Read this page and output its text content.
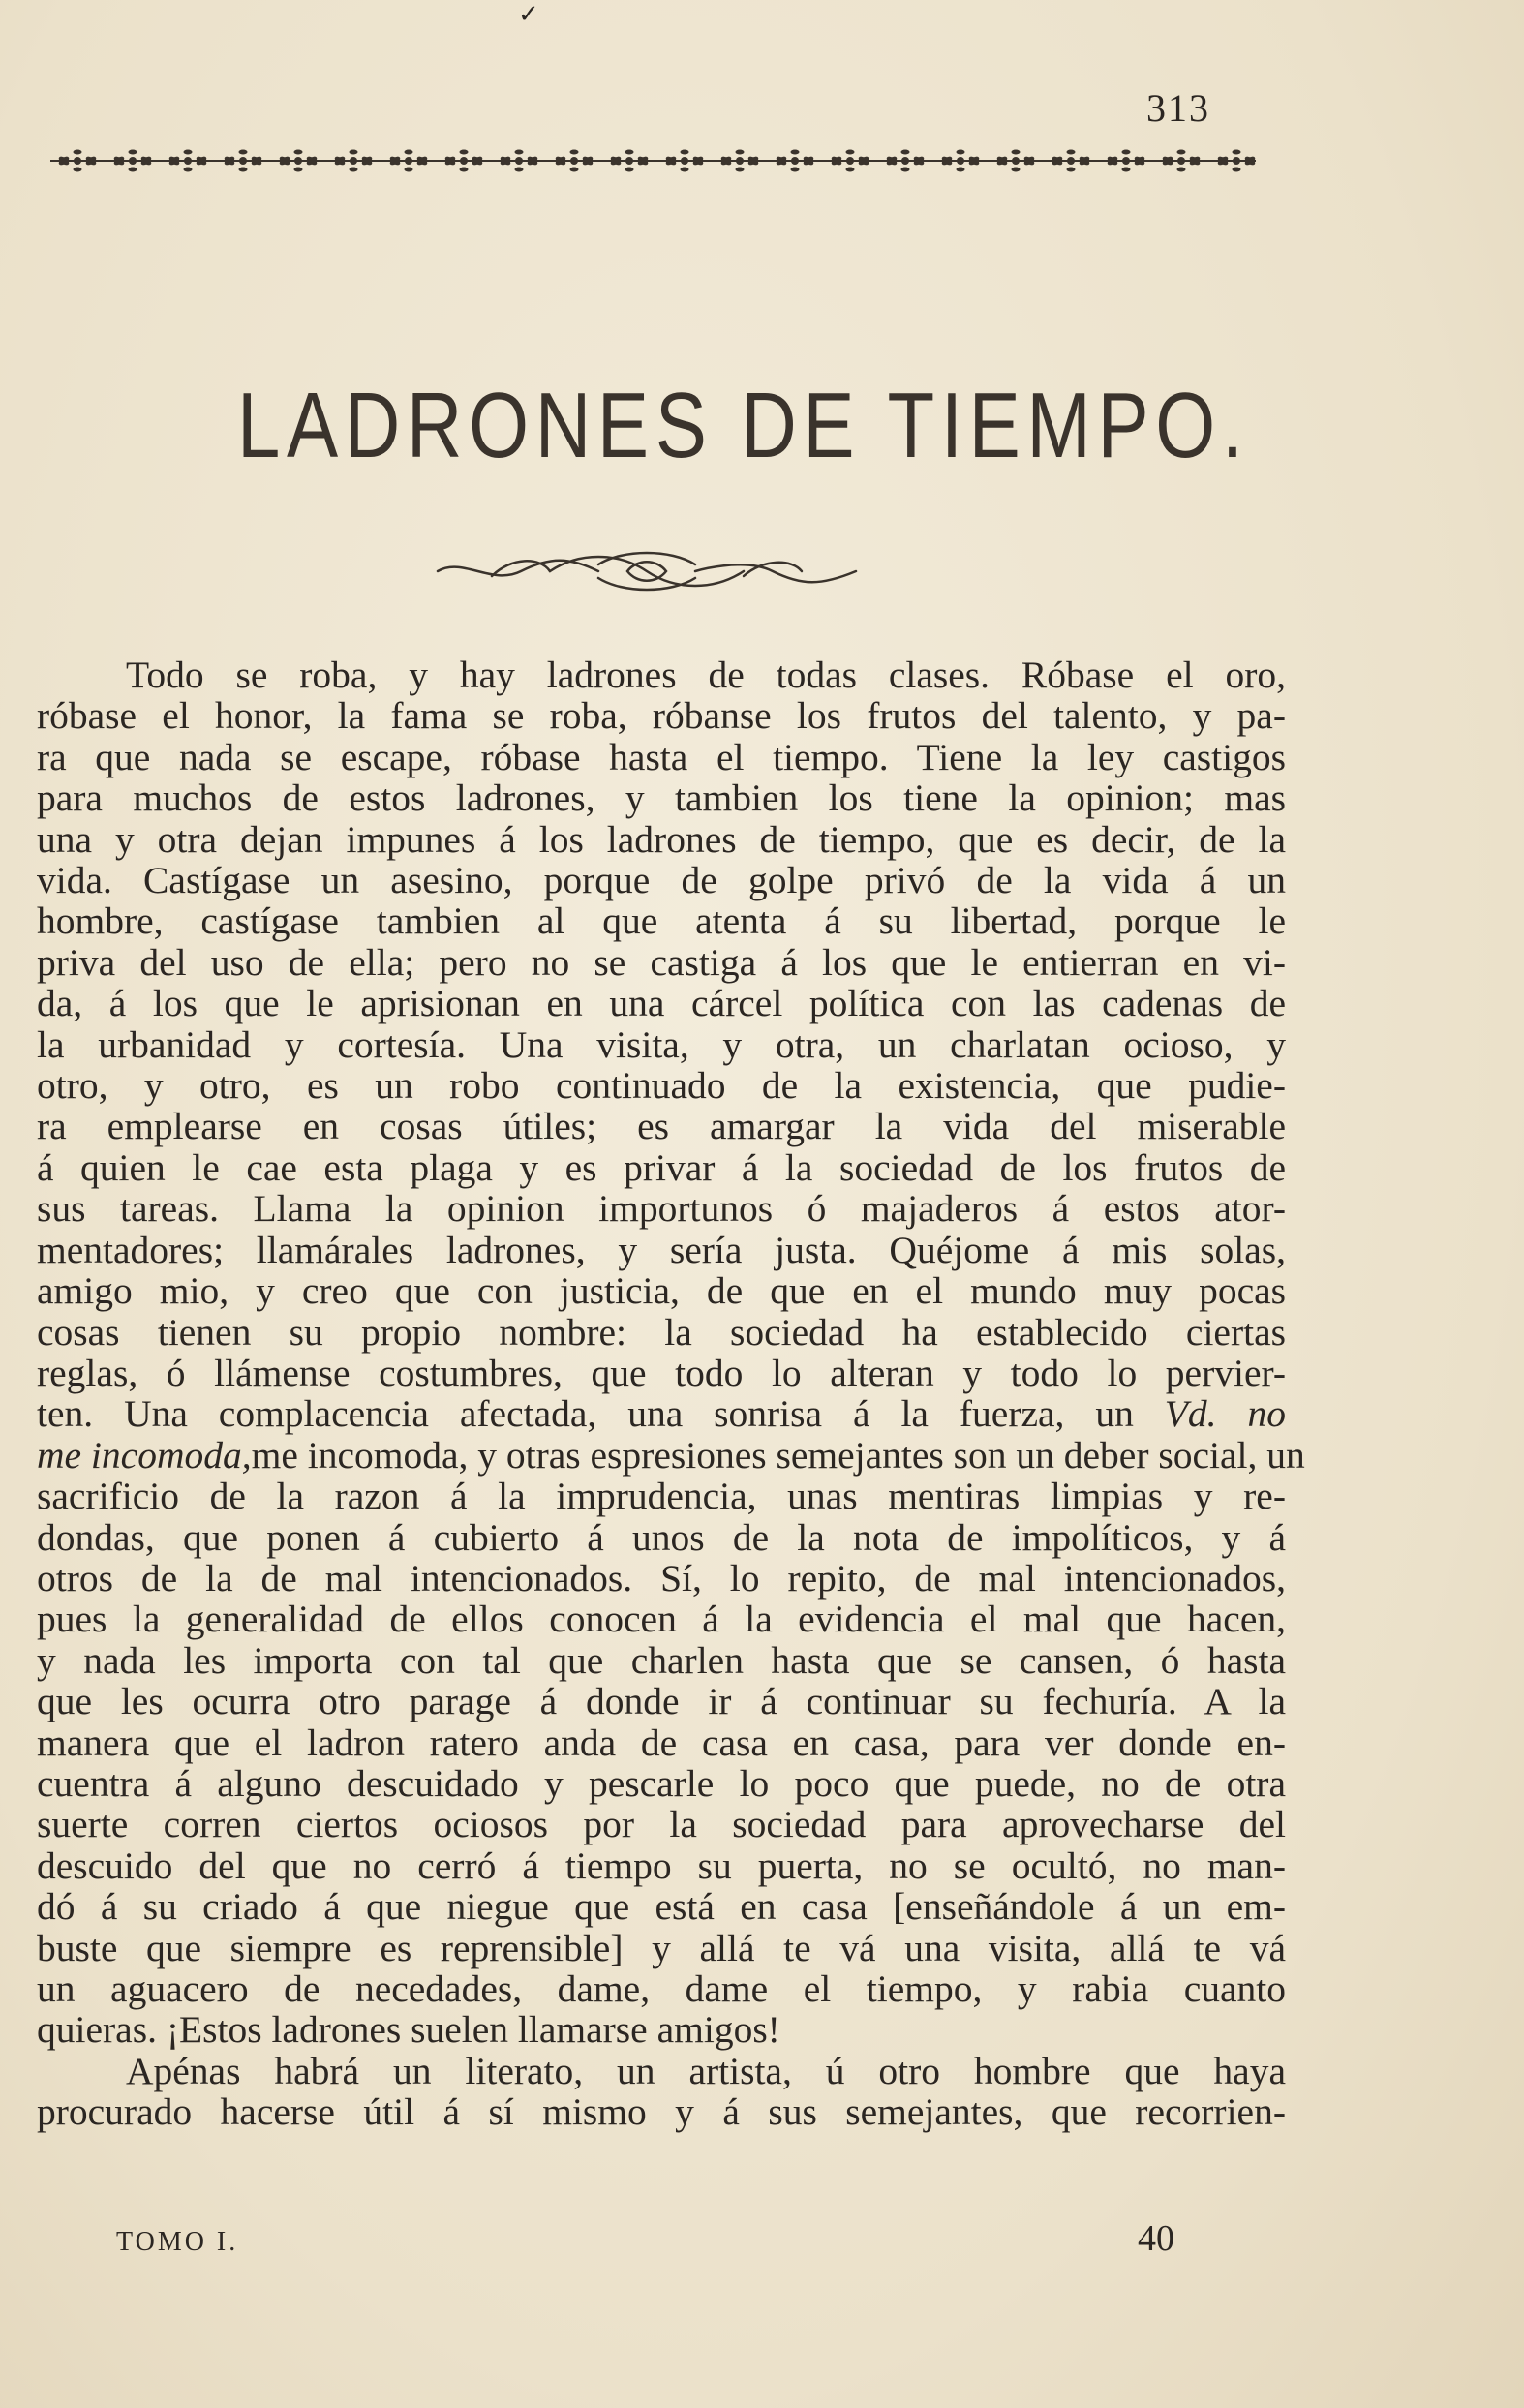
✓
313
LADRONES DE TIEMPO.
Todo se roba, y hay ladrones de todas clases. Róbase el oro,
róbase el honor, la fama se roba, róbanse los frutos del talento, y pa-
ra que nada se escape, róbase hasta el tiempo. Tiene la ley castigos
para muchos de estos ladrones, y tambien los tiene la opinion; mas
una y otra dejan impunes á los ladrones de tiempo, que es decir, de la
vida. Castígase un asesino, porque de golpe privó de la vida á un
hombre, castígase tambien al que atenta á su libertad, porque le
priva del uso de ella; pero no se castiga á los que le entierran en vi-
da, á los que le aprisionan en una cárcel política con las cadenas de
la urbanidad y cortesía. Una visita, y otra, un charlatan ocioso, y
otro, y otro, es un robo continuado de la existencia, que pudie-
ra emplearse en cosas útiles; es amargar la vida del miserable
á quien le cae esta plaga y es privar á la sociedad de los frutos de
sus tareas. Llama la opinion importunos ó majaderos á estos ator-
mentadores; llamárales ladrones, y sería justa. Quéjome á mis solas,
amigo mio, y creo que con justicia, de que en el mundo muy pocas
cosas tienen su propio nombre: la sociedad ha establecido ciertas
reglas, ó llámense costumbres, que todo lo alteran y todo lo pervier-
ten. Una complacencia afectada, una sonrisa á la fuerza, un Vd. no
me incomoda,me incomoda, y otras espresiones semejantes son un deber social, un
sacrificio de la razon á la imprudencia, unas mentiras limpias y re-
dondas, que ponen á cubierto á unos de la nota de impolíticos, y á
otros de la de mal intencionados. Sí, lo repito, de mal intencionados,
pues la generalidad de ellos conocen á la evidencia el mal que hacen,
y nada les importa con tal que charlen hasta que se cansen, ó hasta
que les ocurra otro parage á donde ir á continuar su fechuría. A la
manera que el ladron ratero anda de casa en casa, para ver donde en-
cuentra á alguno descuidado y pescarle lo poco que puede, no de otra
suerte corren ciertos ociosos por la sociedad para aprovecharse del
descuido del que no cerró á tiempo su puerta, no se ocultó, no man-
dó á su criado á que niegue que está en casa [enseñándole á un em-
buste que siempre es reprensible] y allá te vá una visita, allá te vá
un aguacero de necedades, dame, dame el tiempo, y rabia cuanto
quieras. ¡Estos ladrones suelen llamarse amigos!
Apénas habrá un literato, un artista, ú otro hombre que haya
procurado hacerse útil á sí mismo y á sus semejantes, que recorrien-
TOMO I.	40
